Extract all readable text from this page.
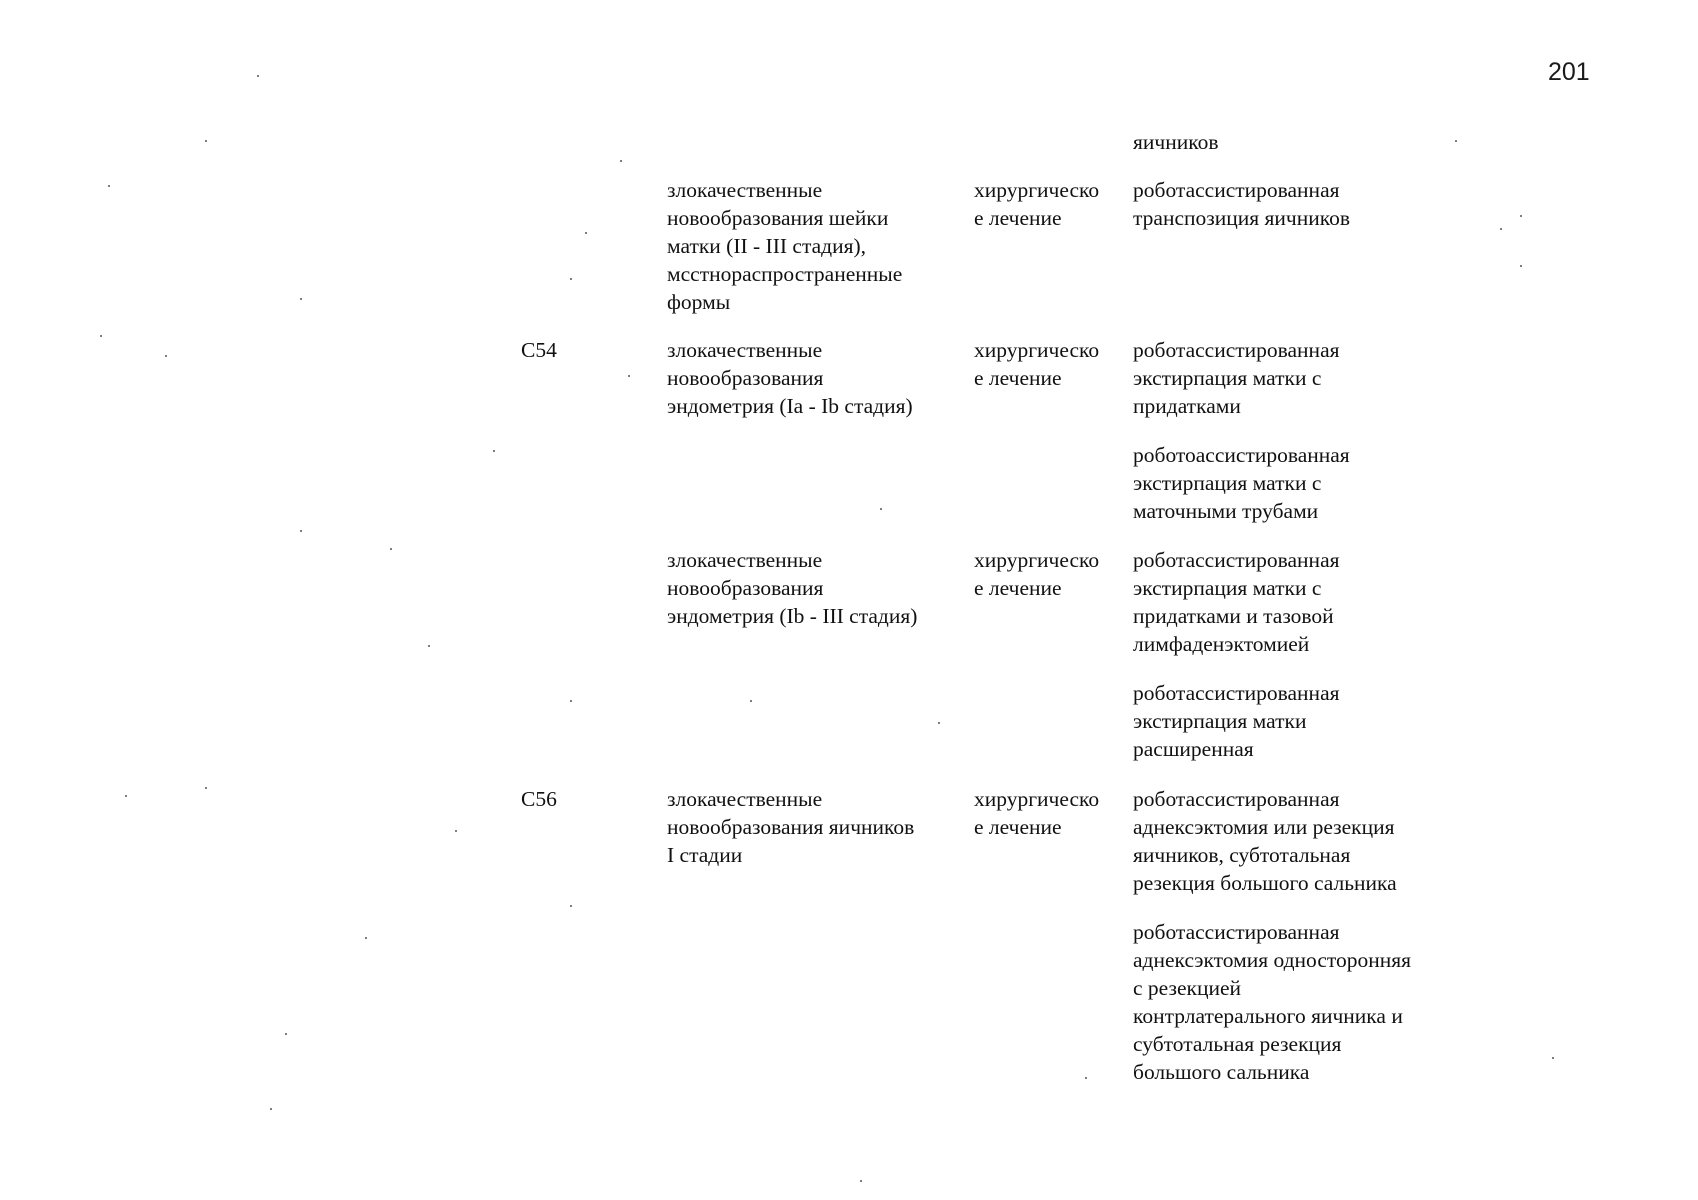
201
яичников
злокачественные
новообразования шейки
матки (II - III стадия),
мсстнораспространенные
формы
хирургическо
е лечение
роботассистированная
транспозиция яичников
C54	злокачественные
новообразования
эндометрия (Ia - Ib стадия)
хирургическо
е лечение
роботассистированная
экстирпация матки с
придатками
роботоассистированная
экстирпация матки с
маточными трубами
злокачественные
новообразования
эндометрия (Ib - III стадия)
хирургическо
е лечение
роботассистированная
экстирпация матки с
придатками и тазовой
лимфаденэктомией
роботассистированная
экстирпация матки
расширенная
C56	злокачественные
новообразования яичников
I стадии
хирургическо
е лечение
роботассистированная
аднексэктомия или резекция
яичников, субтотальная
резекция большого сальника
роботассистированная
аднексэктомия односторонняя
с резекцией
контрлатерального яичника и
субтотальная резекция
большого сальника
